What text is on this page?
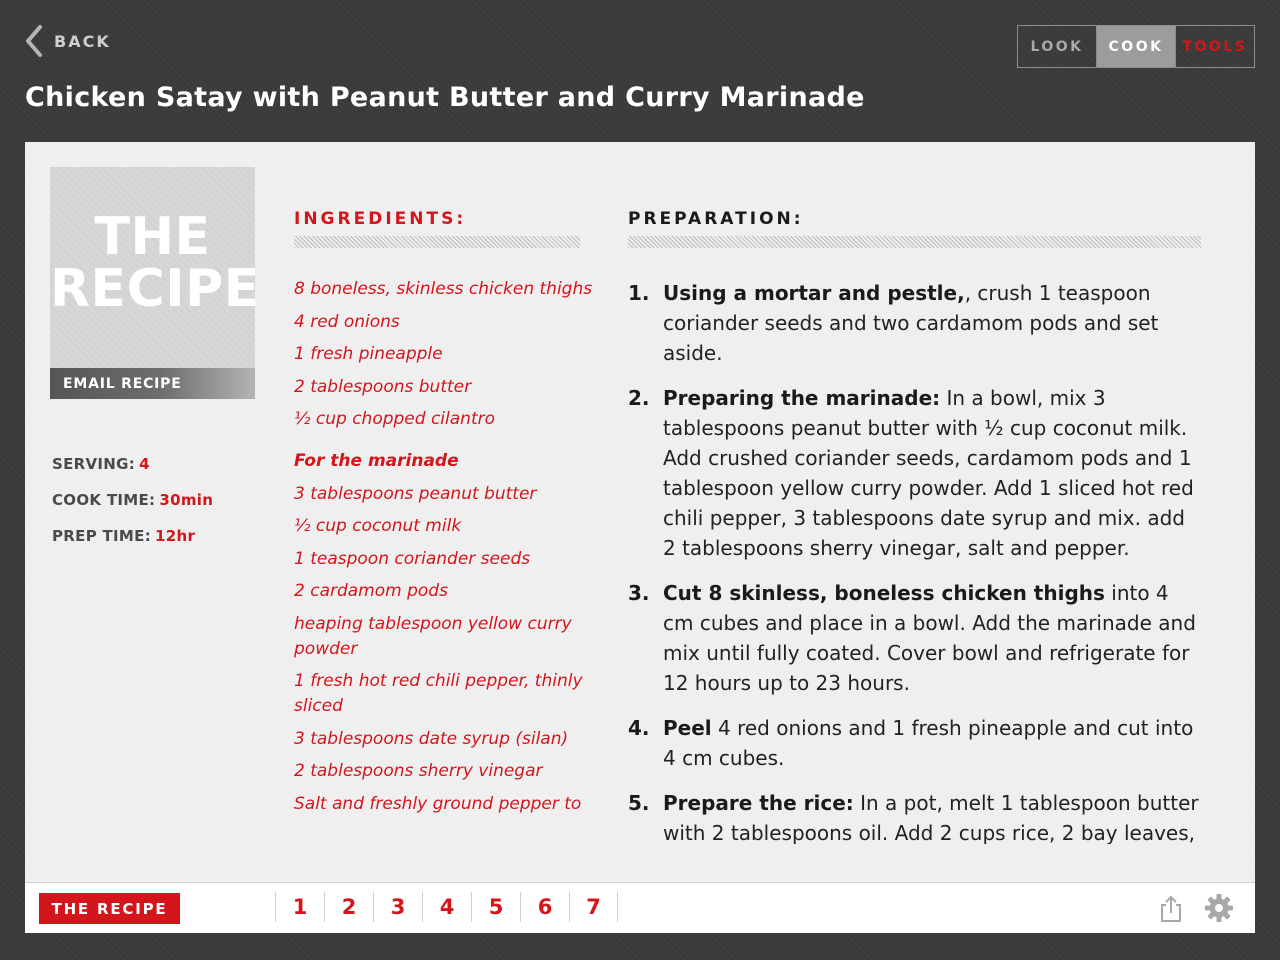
BACK
Chicken Satay with Peanut Butter and Curry Marinade
LOOK	COOK	TOOLS
THE
RECIPE
EMAIL RECIPE
SERVING: 4
COOK TIME: 30min
PREP TIME: 12hr
INGREDIENTS:
8 boneless, skinless chicken thighs
4 red onions
1 fresh pineapple
2 tablespoons butter
½ cup chopped cilantro
For the marinade
3 tablespoons peanut butter
½ cup coconut milk
1 teaspoon coriander seeds
2 cardamom pods
heaping tablespoon yellow curry powder
1 fresh hot red chili pepper, thinly sliced
3 tablespoons date syrup (silan)
2 tablespoons sherry vinegar
Salt and freshly ground pepper to
PREPARATION:
1. Using a mortar and pestle,, crush 1 teaspoon coriander seeds and two cardamom pods and set aside.
2. Preparing the marinade: In a bowl, mix 3 tablespoons peanut butter with ½ cup coconut milk. Add crushed coriander seeds, cardamom pods and 1 tablespoon yellow curry powder. Add 1 sliced hot red chili pepper, 3 tablespoons date syrup and mix. add 2 tablespoons sherry vinegar, salt and pepper.
3. Cut 8 skinless, boneless chicken thighs into 4 cm cubes and place in a bowl. Add the marinade and mix until fully coated. Cover bowl and refrigerate for 12 hours up to 23 hours.
4. Peel 4 red onions and 1 fresh pineapple and cut into 4 cm cubes.
5. Prepare the rice: In a pot, melt 1 tablespoon butter with 2 tablespoons oil. Add 2 cups rice, 2 bay leaves,
THE RECIPE	1	2	3	4	5	6	7
